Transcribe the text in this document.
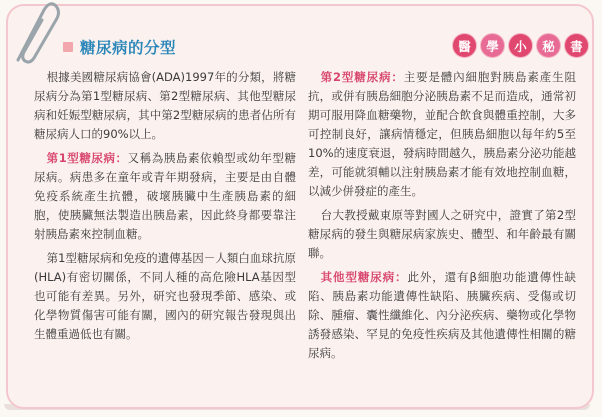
糖尿病的分型	醫	學	小	秘	書

根據美國糖尿病協會(ADA)1997年的分類，將糖尿病分為第1型糖尿病、第2型糖尿病、其他型糖尿病和妊娠型糖尿病，其中第2型糖尿病的患者佔所有糖尿病人口的90%以上。

第1型糖尿病：又稱為胰島素依賴型或幼年型糖尿病。病患多在童年或青年期發病，主要是由自體免疫系統產生抗體，破壞胰臟中生產胰島素的細胞，使胰臟無法製造出胰島素，因此終身都要靠注射胰島素來控制血糖。

第1型糖尿病和免疫的遺傳基因－人類白血球抗原(HLA)有密切關係，不同人種的高危險HLA基因型也可能有差異。另外，研究也發現季節、感染、或化學物質傷害可能有關，國內的研究報告發現與出生體重過低也有關。

第2型糖尿病：主要是體內細胞對胰島素產生阻抗，或併有胰島細胞分泌胰島素不足而造成，通常初期可服用降血糖藥物，並配合飲食與體重控制，大多可控制良好，讓病情穩定，但胰島細胞以每年約5至10%的速度衰退，發病時間越久，胰島素分泌功能越差，可能就須輔以注射胰島素才能有效地控制血糖，以減少併發症的產生。

台大教授戴東原等對國人之研究中，證實了第2型糖尿病的發生與糖尿病家族史、體型、和年齡最有關聯。

其他型糖尿病：此外，還有β細胞功能遺傳性缺陷、胰島素功能遺傳性缺陷、胰臟疾病、受傷或切除、腫瘤、囊性纖維化、內分泌疾病、藥物或化學物誘發感染、罕見的免疫性疾病及其他遺傳性相關的糖尿病。
